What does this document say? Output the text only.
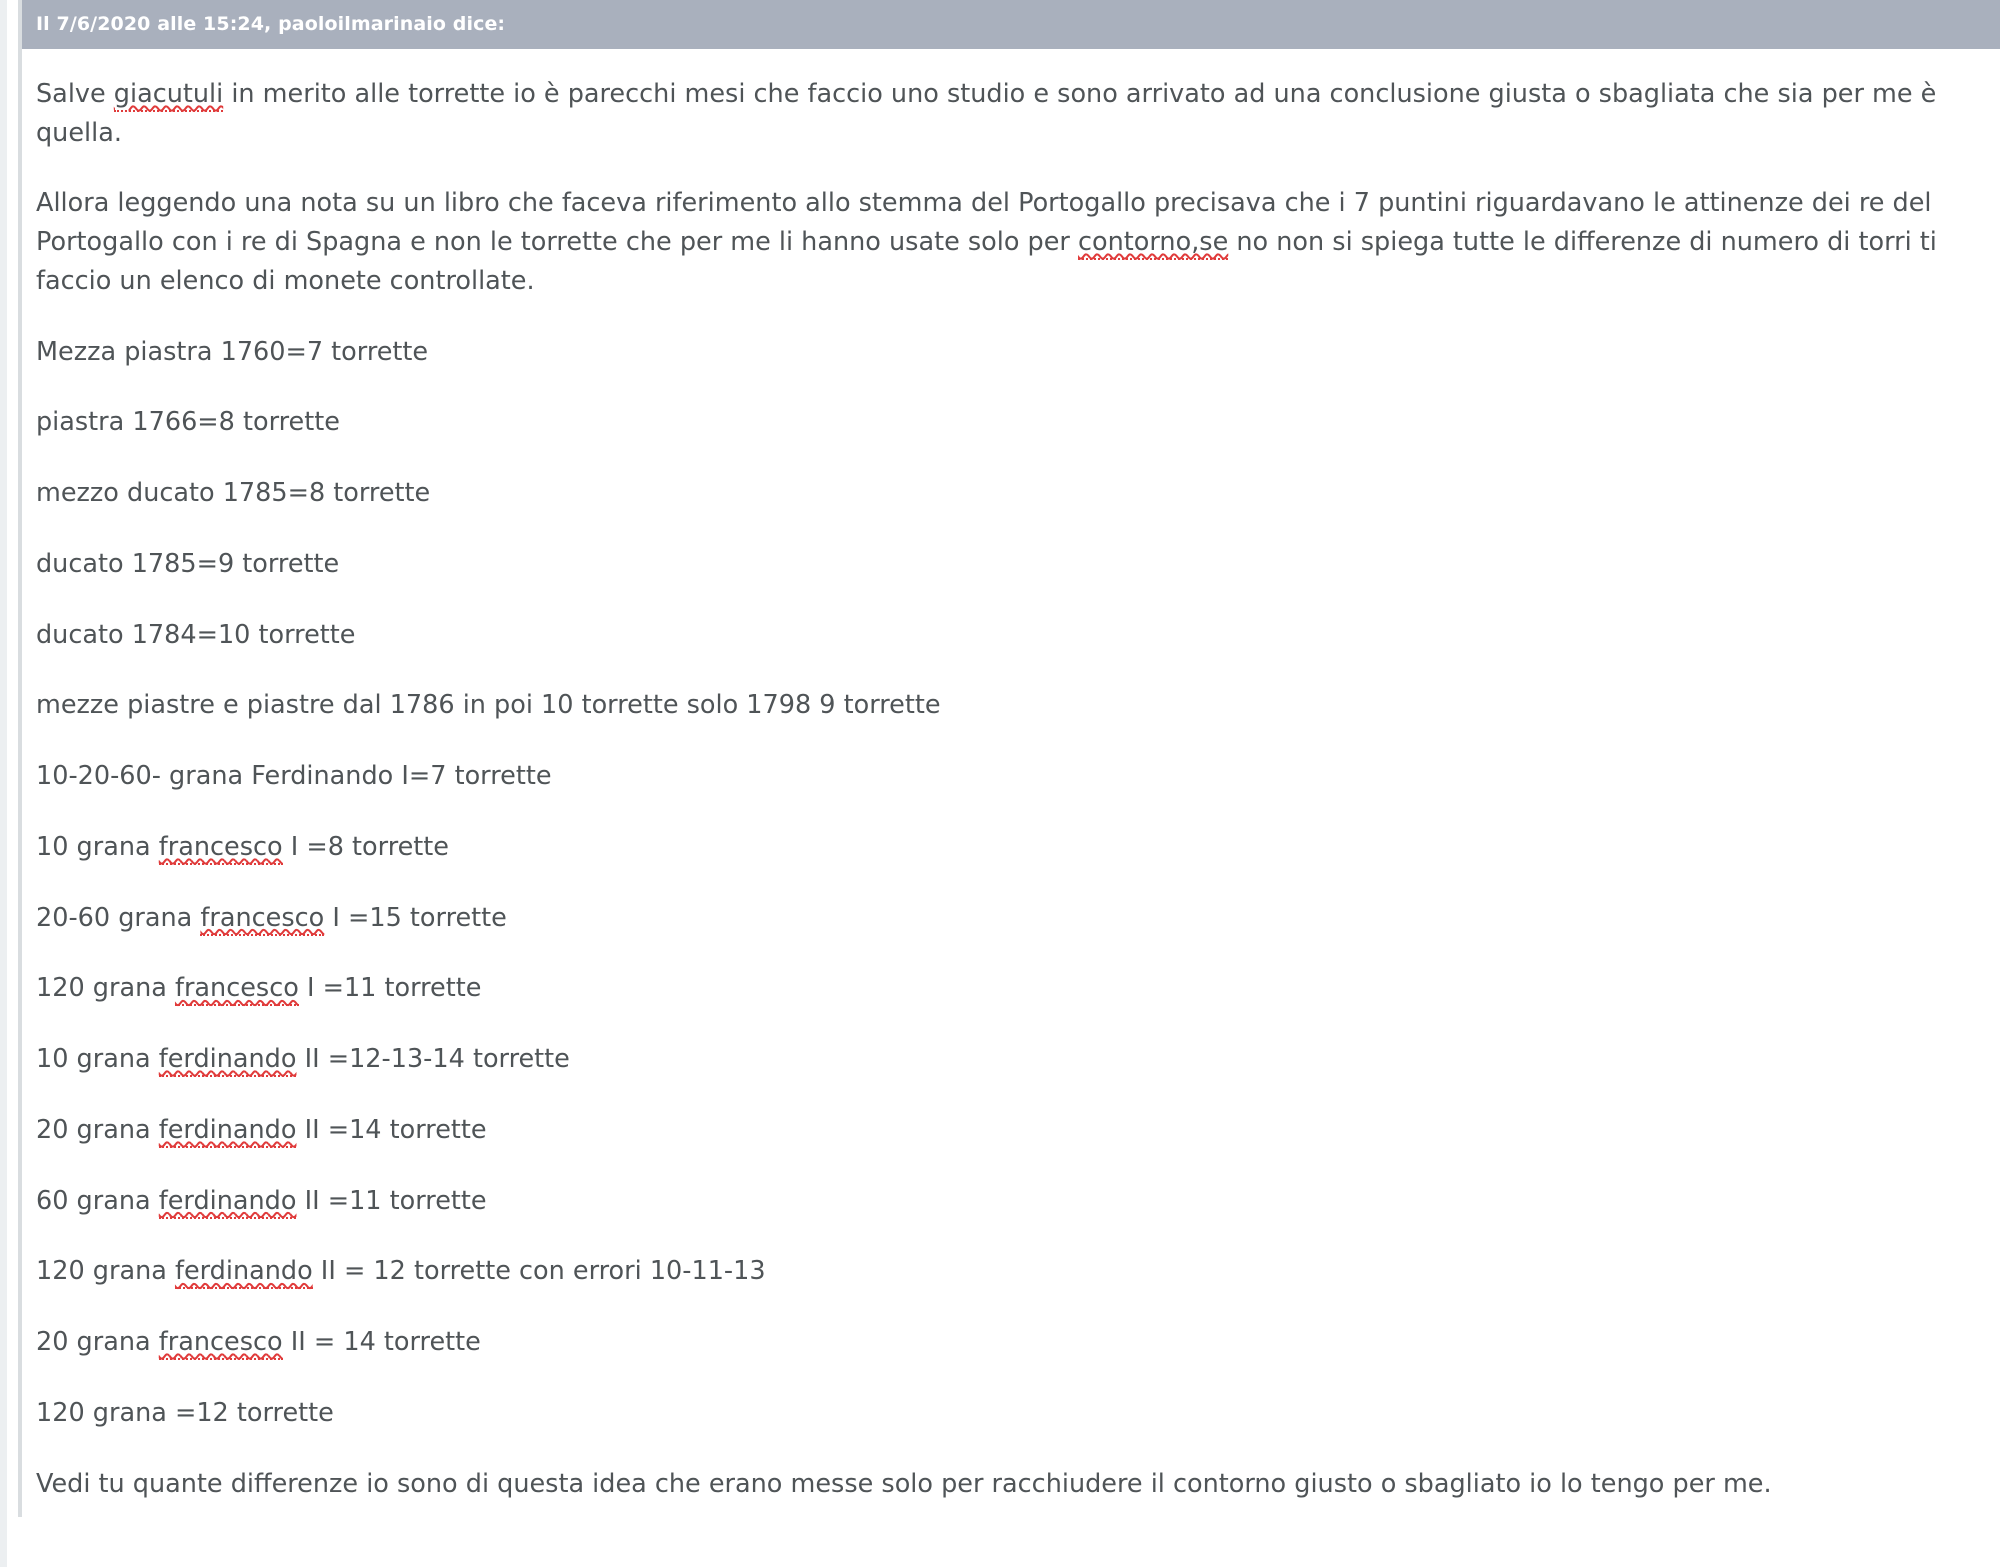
Il 7/6/2020 alle 15:24, paoloilmarinaio dice:

Salve giacutuli in merito alle torrette io è parecchi mesi che faccio uno studio e sono arrivato ad una conclusione giusta o sbagliata che sia per me è quella.

Allora leggendo una nota su un libro che faceva riferimento allo stemma del Portogallo precisava che i 7 puntini riguardavano le attinenze dei re del Portogallo con i re di Spagna e non le torrette che per me li hanno usate solo per contorno,se no non si spiega tutte le differenze di numero di torri ti faccio un elenco di monete controllate.

Mezza piastra 1760=7 torrette

piastra 1766=8 torrette

mezzo ducato 1785=8 torrette

ducato 1785=9 torrette

ducato 1784=10 torrette

mezze piastre e piastre dal 1786 in poi 10 torrette solo 1798 9 torrette

10-20-60- grana Ferdinando I=7 torrette

10 grana francesco I =8 torrette

20-60 grana francesco I =15 torrette

120 grana francesco I =11 torrette

10 grana ferdinando II =12-13-14 torrette

20 grana ferdinando II =14 torrette

60 grana ferdinando II =11 torrette

120 grana ferdinando II = 12 torrette con errori 10-11-13

20 grana francesco II = 14 torrette

120 grana =12 torrette

Vedi tu quante differenze io sono di questa idea che erano messe solo per racchiudere il contorno giusto o sbagliato io lo tengo per me.
